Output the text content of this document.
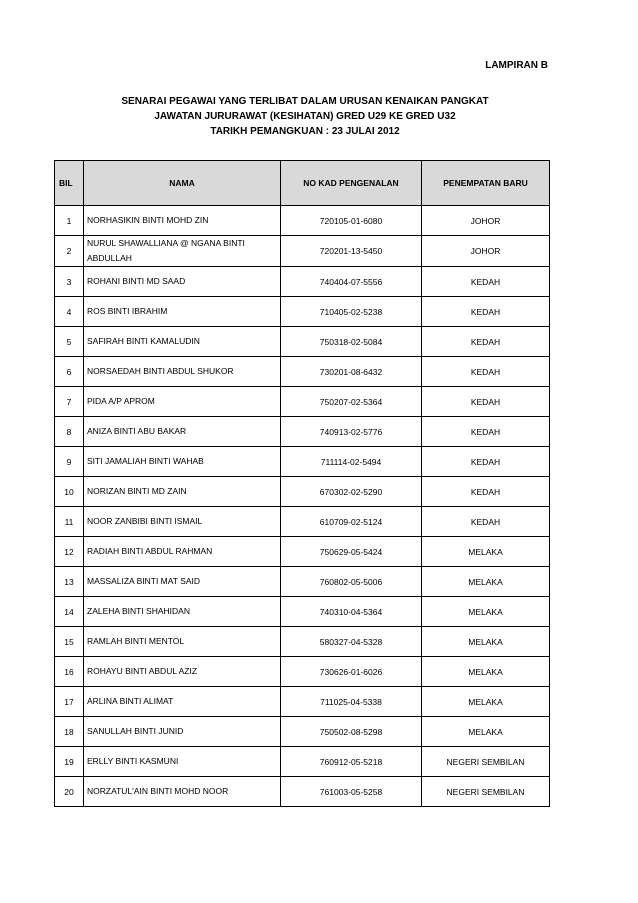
LAMPIRAN B
SENARAI PEGAWAI YANG TERLIBAT DALAM URUSAN KENAIKAN PANGKAT
JAWATAN JURURAWAT (KESIHATAN) GRED U29 KE GRED U32
TARIKH PEMANGKUAN : 23 JULAI 2012
BIL	NAMA	NO KAD PENGENALAN	PENEMPATAN BARU
1	NORHASIKIN BINTI MOHD ZIN	720105-01-6080	JOHOR
2	NURUL SHAWALLIANA @ NGANA BINTI ABDULLAH	720201-13-5450	JOHOR
3	ROHANI BINTI MD SAAD	740404-07-5556	KEDAH
4	ROS BINTI IBRAHIM	710405-02-5238	KEDAH
5	SAFIRAH BINTI KAMALUDIN	750318-02-5084	KEDAH
6	NORSAEDAH BINTI ABDUL SHUKOR	730201-08-6432	KEDAH
7	PIDA A/P APROM	750207-02-5364	KEDAH
8	ANIZA BINTI ABU BAKAR	740913-02-5776	KEDAH
9	SITI JAMALIAH BINTI WAHAB	711114-02-5494	KEDAH
10	NORIZAN BINTI MD ZAIN	670302-02-5290	KEDAH
11	NOOR ZANBIBI BINTI ISMAIL	610709-02-5124	KEDAH
12	RADIAH BINTI ABDUL RAHMAN	750629-05-5424	MELAKA
13	MASSALIZA BINTI MAT SAID	760802-05-5006	MELAKA
14	ZALEHA BINTI SHAHIDAN	740310-04-5364	MELAKA
15	RAMLAH BINTI MENTOL	580327-04-5328	MELAKA
16	ROHAYU BINTI ABDUL AZIZ	730626-01-6026	MELAKA
17	ARLINA BINTI ALIMAT	711025-04-5338	MELAKA
18	SANULLAH BINTI JUNID	750502-08-5298	MELAKA
19	ERLLY BINTI KASMUNI	760912-05-5218	NEGERI SEMBILAN
20	NORZATUL'AIN BINTI MOHD NOOR	761003-05-5258	NEGERI SEMBILAN
